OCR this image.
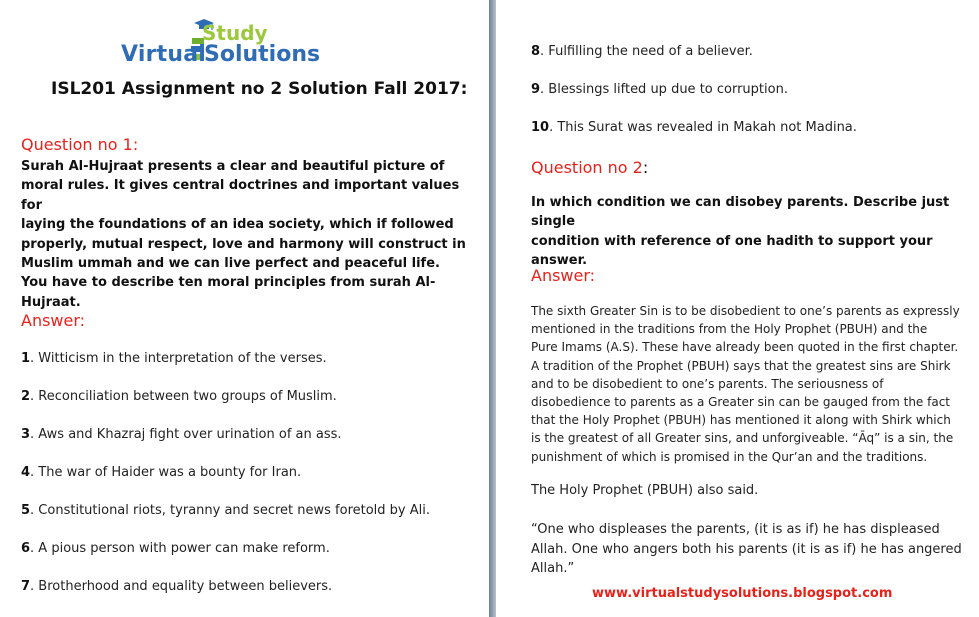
Study
Virtual
Solutions
ISL201 Assignment no 2 Solution Fall 2017:
Question no 1:
Surah Al-Hujraat presents a clear and beautiful picture of
moral rules. It gives central doctrines and important values for
laying the foundations of an idea society, which if followed
properly, mutual respect, love and harmony will construct in
Muslim ummah and we can live perfect and peaceful life.
You have to describe ten moral principles from surah Al-
Hujraat.
Answer:
1. Witticism in the interpretation of the verses.
2. Reconciliation between two groups of Muslim.
3. Aws and Khazraj fight over urination of an ass.
4. The war of Haider was a bounty for Iran.
5. Constitutional riots, tyranny and secret news foretold by Ali.
6. A pious person with power can make reform.
7. Brotherhood and equality between believers.
8. Fulfilling the need of a believer.
9. Blessings lifted up due to corruption.
10. This Surat was revealed in Makah not Madina.
Question no 2:
In which condition we can disobey parents. Describe just single
condition with reference of one hadith to support your
answer.
Answer:
The sixth Greater Sin is to be disobedient to one’s parents as expressly
mentioned in the traditions from the Holy Prophet (PBUH) and the
Pure Imams (A.S). These have already been quoted in the first chapter.
A tradition of the Prophet (PBUH) says that the greatest sins are Shirk
and to be disobedient to one’s parents. The seriousness of
disobedience to parents as a Greater sin can be gauged from the fact
that the Holy Prophet (PBUH) has mentioned it along with Shirk which
is the greatest of all Greater sins, and unforgiveable. “Āq” is a sin, the
punishment of which is promised in the Qur’an and the traditions.
The Holy Prophet (PBUH) also said.
“One who displeases the parents, (it is as if) he has displeased
Allah. One who angers both his parents (it is as if) he has angered
Allah.”
www.virtualstudysolutions.blogspot.com
